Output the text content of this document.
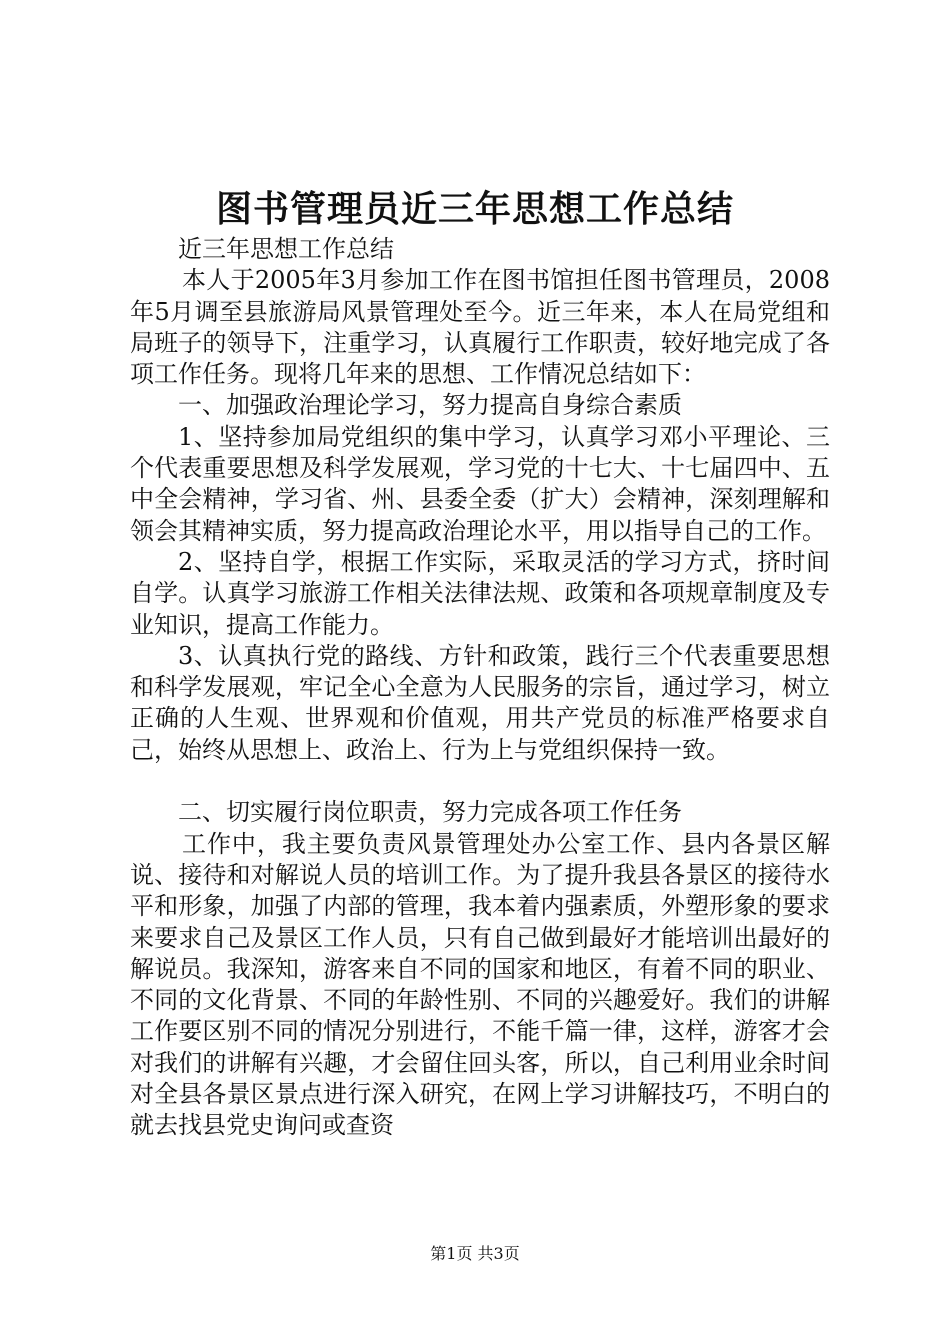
图书管理员近三年思想工作总结

近三年思想工作总结

本人于2005年3月参加工作在图书馆担任图书管理员，2008年5月调至县旅游局风景管理处至今。近三年来，本人在局党组和局班子的领导下，注重学习，认真履行工作职责，较好地完成了各项工作任务。现将几年来的思想、工作情况总结如下：

一、加强政治理论学习，努力提高自身综合素质

1、坚持参加局党组织的集中学习，认真学习邓小平理论、三个代表重要思想及科学发展观，学习党的十七大、十七届四中、五中全会精神，学习省、州、县委全委（扩大）会精神，深刻理解和领会其精神实质，努力提高政治理论水平，用以指导自己的工作。

2、坚持自学，根据工作实际，采取灵活的学习方式，挤时间自学。认真学习旅游工作相关法律法规、政策和各项规章制度及专业知识，提高工作能力。

3、认真执行党的路线、方针和政策，践行三个代表重要思想和科学发展观，牢记全心全意为人民服务的宗旨，通过学习，树立正确的人生观、世界观和价值观，用共产党员的标准严格要求自己，始终从思想上、政治上、行为上与党组织保持一致。

二、切实履行岗位职责，努力完成各项工作任务

工作中，我主要负责风景管理处办公室工作、县内各景区解说、接待和对解说人员的培训工作。为了提升我县各景区的接待水平和形象，加强了内部的管理，我本着内强素质，外塑形象的要求来要求自己及景区工作人员，只有自己做到最好才能培训出最好的解说员。我深知，游客来自不同的国家和地区，有着不同的职业、不同的文化背景、不同的年龄性别、不同的兴趣爱好。我们的讲解工作要区别不同的情况分别进行，不能千篇一律，这样，游客才会对我们的讲解有兴趣，才会留住回头客，所以，自己利用业余时间对全县各景区景点进行深入研究，在网上学习讲解技巧，不明白的就去找县党史询问或查资

第1页 共3页
